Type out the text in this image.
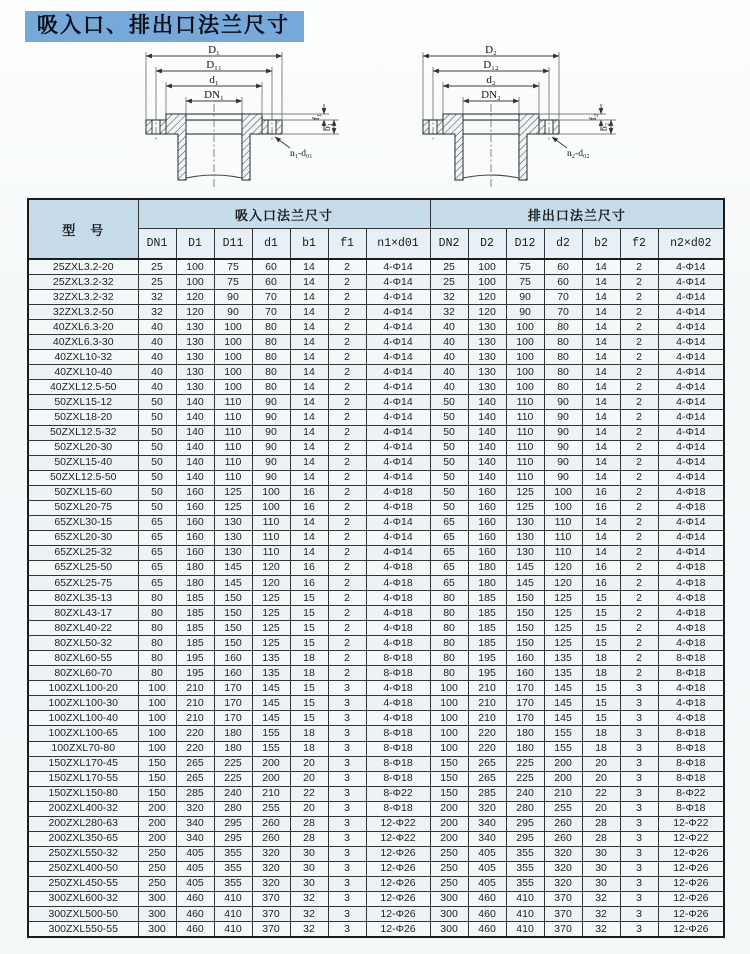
吸入口、排出口法兰尺寸
D₁
D₁₁
d₁
DN₁
f₁
b₁
n₁-d₀₁
D₂
D₁₂
d₂
DN₂
f₂
b₂
n₂-d₀₂
型　号	吸入口法兰尺寸							排出口法兰尺寸						
	DN1	D1	D11	d1	b1	f1	n1×d01	DN2	D2	D12	d2	b2	f2	n2×d02
25ZXL3.2-20	25	100	75	60	14	2	4-Φ14	25	100	75	60	14	2	4-Φ14
25ZXL3.2-32	25	100	75	60	14	2	4-Φ14	25	100	75	60	14	2	4-Φ14
32ZXL3.2-32	32	120	90	70	14	2	4-Φ14	32	120	90	70	14	2	4-Φ14
32ZXL3.2-50	32	120	90	70	14	2	4-Φ14	32	120	90	70	14	2	4-Φ14
40ZXL6.3-20	40	130	100	80	14	2	4-Φ14	40	130	100	80	14	2	4-Φ14
40ZXL6.3-30	40	130	100	80	14	2	4-Φ14	40	130	100	80	14	2	4-Φ14
40ZXL10-32	40	130	100	80	14	2	4-Φ14	40	130	100	80	14	2	4-Φ14
40ZXL10-40	40	130	100	80	14	2	4-Φ14	40	130	100	80	14	2	4-Φ14
40ZXL12.5-50	40	130	100	80	14	2	4-Φ14	40	130	100	80	14	2	4-Φ14
50ZXL15-12	50	140	110	90	14	2	4-Φ14	50	140	110	90	14	2	4-Φ14
50ZXL18-20	50	140	110	90	14	2	4-Φ14	50	140	110	90	14	2	4-Φ14
50ZXL12.5-32	50	140	110	90	14	2	4-Φ14	50	140	110	90	14	2	4-Φ14
50ZXL20-30	50	140	110	90	14	2	4-Φ14	50	140	110	90	14	2	4-Φ14
50ZXL15-40	50	140	110	90	14	2	4-Φ14	50	140	110	90	14	2	4-Φ14
50ZXL12.5-50	50	140	110	90	14	2	4-Φ14	50	140	110	90	14	2	4-Φ14
50ZXL15-60	50	160	125	100	16	2	4-Φ18	50	160	125	100	16	2	4-Φ18
50ZXL20-75	50	160	125	100	16	2	4-Φ18	50	160	125	100	16	2	4-Φ18
65ZXL30-15	65	160	130	110	14	2	4-Φ14	65	160	130	110	14	2	4-Φ14
65ZXL20-30	65	160	130	110	14	2	4-Φ14	65	160	130	110	14	2	4-Φ14
65ZXL25-32	65	160	130	110	14	2	4-Φ14	65	160	130	110	14	2	4-Φ14
65ZXL25-50	65	180	145	120	16	2	4-Φ18	65	180	145	120	16	2	4-Φ18
65ZXL25-75	65	180	145	120	16	2	4-Φ18	65	180	145	120	16	2	4-Φ18
80ZXL35-13	80	185	150	125	15	2	4-Φ18	80	185	150	125	15	2	4-Φ18
80ZXL43-17	80	185	150	125	15	2	4-Φ18	80	185	150	125	15	2	4-Φ18
80ZXL40-22	80	185	150	125	15	2	4-Φ18	80	185	150	125	15	2	4-Φ18
80ZXL50-32	80	185	150	125	15	2	4-Φ18	80	185	150	125	15	2	4-Φ18
80ZXL60-55	80	195	160	135	18	2	8-Φ18	80	195	160	135	18	2	8-Φ18
80ZXL60-70	80	195	160	135	18	2	8-Φ18	80	195	160	135	18	2	8-Φ18
100ZXL100-20	100	210	170	145	15	3	4-Φ18	100	210	170	145	15	3	4-Φ18
100ZXL100-30	100	210	170	145	15	3	4-Φ18	100	210	170	145	15	3	4-Φ18
100ZXL100-40	100	210	170	145	15	3	4-Φ18	100	210	170	145	15	3	4-Φ18
100ZXL100-65	100	220	180	155	18	3	8-Φ18	100	220	180	155	18	3	8-Φ18
100ZXL70-80	100	220	180	155	18	3	8-Φ18	100	220	180	155	18	3	8-Φ18
150ZXL170-45	150	265	225	200	20	3	8-Φ18	150	265	225	200	20	3	8-Φ18
150ZXL170-55	150	265	225	200	20	3	8-Φ18	150	265	225	200	20	3	8-Φ18
150ZXL150-80	150	285	240	210	22	3	8-Φ22	150	285	240	210	22	3	8-Φ22
200ZXL400-32	200	320	280	255	20	3	8-Φ18	200	320	280	255	20	3	8-Φ18
200ZXL280-63	200	340	295	260	28	3	12-Φ22	200	340	295	260	28	3	12-Φ22
200ZXL350-65	200	340	295	260	28	3	12-Φ22	200	340	295	260	28	3	12-Φ22
250ZXL550-32	250	405	355	320	30	3	12-Φ26	250	405	355	320	30	3	12-Φ26
250ZXL400-50	250	405	355	320	30	3	12-Φ26	250	405	355	320	30	3	12-Φ26
250ZXL450-55	250	405	355	320	30	3	12-Φ26	250	405	355	320	30	3	12-Φ26
300ZXL600-32	300	460	410	370	32	3	12-Φ26	300	460	410	370	32	3	12-Φ26
300ZXL500-50	300	460	410	370	32	3	12-Φ26	300	460	410	370	32	3	12-Φ26
300ZXL550-55	300	460	410	370	32	3	12-Φ26	300	460	410	370	32	3	12-Φ26
